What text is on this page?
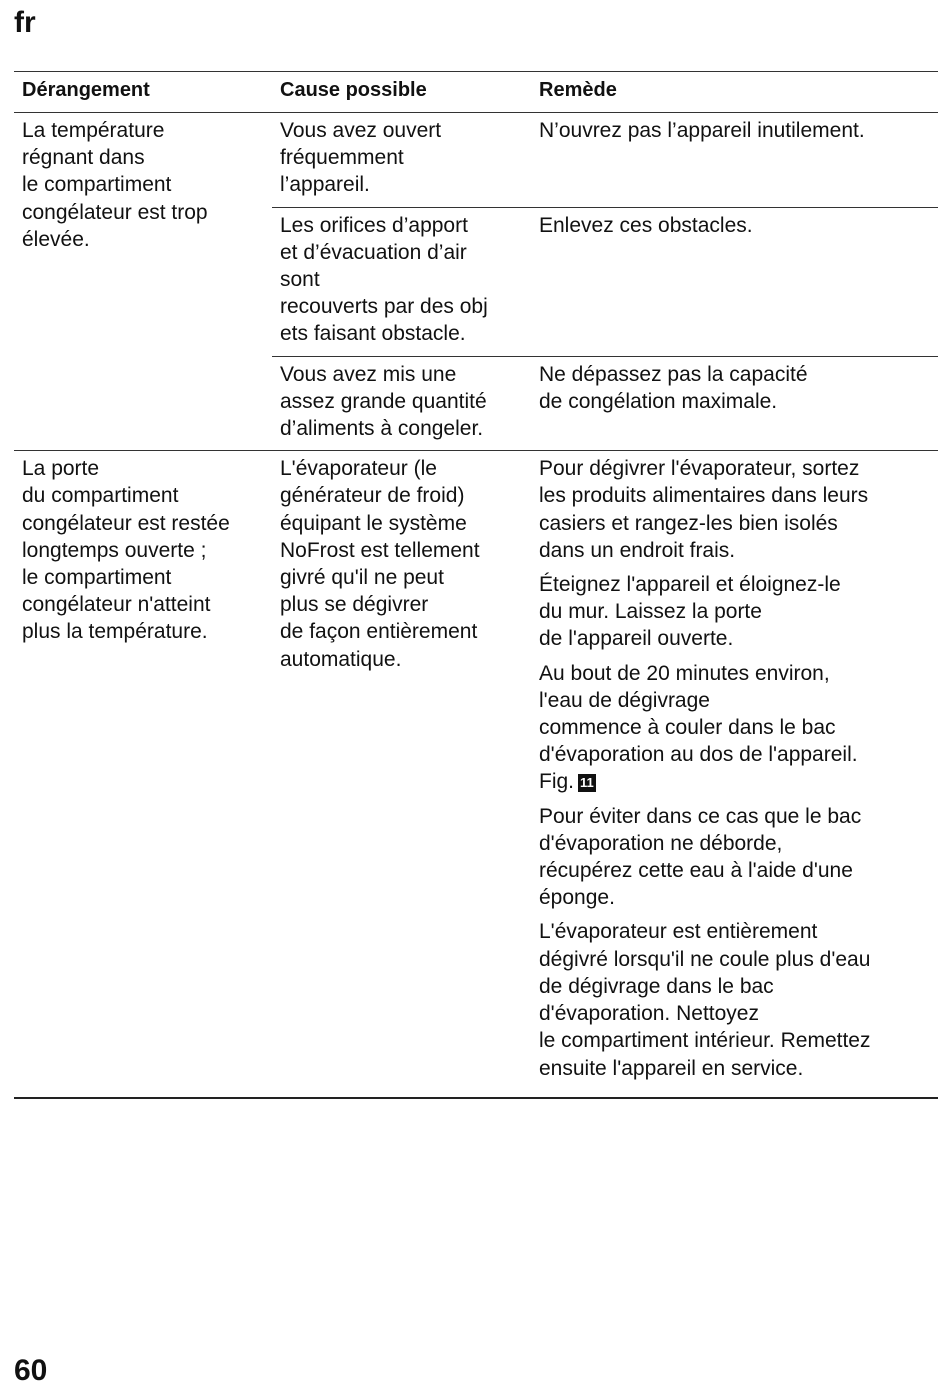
fr
Dérangement	Cause possible	Remède
La température
régnant dans
le compartiment
congélateur est trop
élevée.
Vous avez ouvert
fréquemment
l’appareil.

N’ouvrez pas l’appareil inutilement.

Les orifices d’apport
et d’évacuation d’air
sont
recouverts par des obj
ets faisant obstacle.

Enlevez ces obstacles.

Vous avez mis une
assez grande quantité
d’aliments à congeler.

Ne dépassez pas la capacité
de congélation maximale.

La porte
du compartiment
congélateur est restée
longtemps ouverte ;
le compartiment
congélateur n'atteint
plus la température.
L'évaporateur (le
générateur de froid)
équipant le système
NoFrost est tellement
givré qu'il ne peut
plus se dégivrer
de façon entièrement
automatique.

Pour dégivrer l'évaporateur, sortez
les produits alimentaires dans leurs
casiers et rangez-les bien isolés
dans un endroit frais.

Éteignez l'appareil et éloignez-le
du mur. Laissez la porte
de l'appareil ouverte.

Au bout de 20 minutes environ,
l'eau de dégivrage
commence à couler dans le bac
d'évaporation au dos de l'appareil.
Fig. 11

Pour éviter dans ce cas que le bac
d'évaporation ne déborde,
récupérez cette eau à l'aide d'une
éponge.

L'évaporateur est entièrement
dégivré lorsqu'il ne coule plus d'eau
de dégivrage dans le bac
d'évaporation. Nettoyez
le compartiment intérieur. Remettez
ensuite l'appareil en service.

60
